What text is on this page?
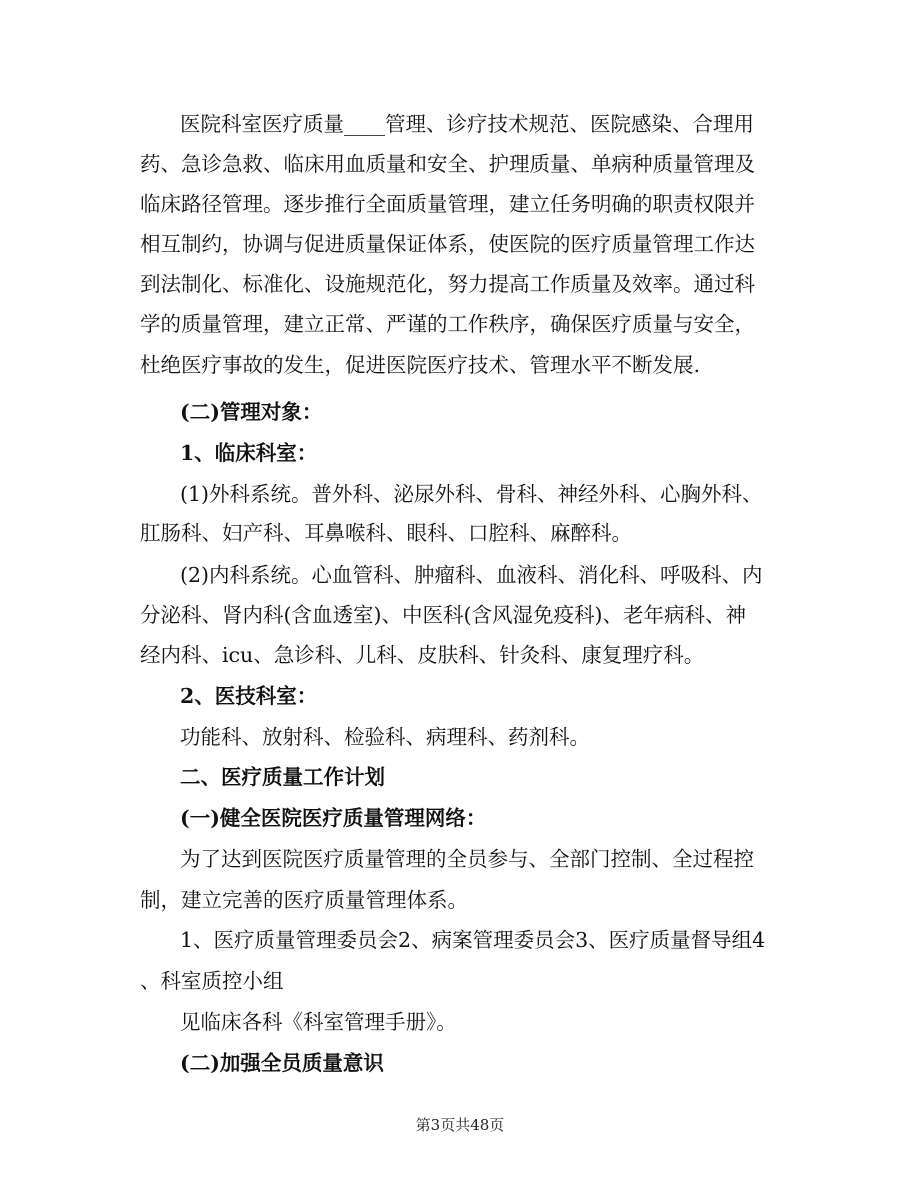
医院科室医疗质量____管理、诊疗技术规范、医院感染、合理用
药、急诊急救、临床用血质量和安全、护理质量、单病种质量管理及
临床路径管理。逐步推行全面质量管理，建立任务明确的职责权限并
相互制约，协调与促进质量保证体系，使医院的医疗质量管理工作达
到法制化、标准化、设施规范化，努力提高工作质量及效率。通过科
学的质量管理，建立正常、严谨的工作秩序，确保医疗质量与安全，
杜绝医疗事故的发生，促进医院医疗技术、管理水平不断发展.
(二)管理对象：
1、临床科室：
(1)外科系统。普外科、泌尿外科、骨科、神经外科、心胸外科、
肛肠科、妇产科、耳鼻喉科、眼科、口腔科、麻醉科。
(2)内科系统。心血管科、肿瘤科、血液科、消化科、呼吸科、内
分泌科、肾内科(含血透室)、中医科(含风湿免疫科)、老年病科、神
经内科、icu、急诊科、儿科、皮肤科、针灸科、康复理疗科。
2、医技科室：
功能科、放射科、检验科、病理科、药剂科。
二、医疗质量工作计划
(一)健全医院医疗质量管理网络：
为了达到医院医疗质量管理的全员参与、全部门控制、全过程控
制，建立完善的医疗质量管理体系。
1、医疗质量管理委员会2、病案管理委员会3、医疗质量督导组4
、科室质控小组
见临床各科《科室管理手册》。
(二)加强全员质量意识
第3页共48页
